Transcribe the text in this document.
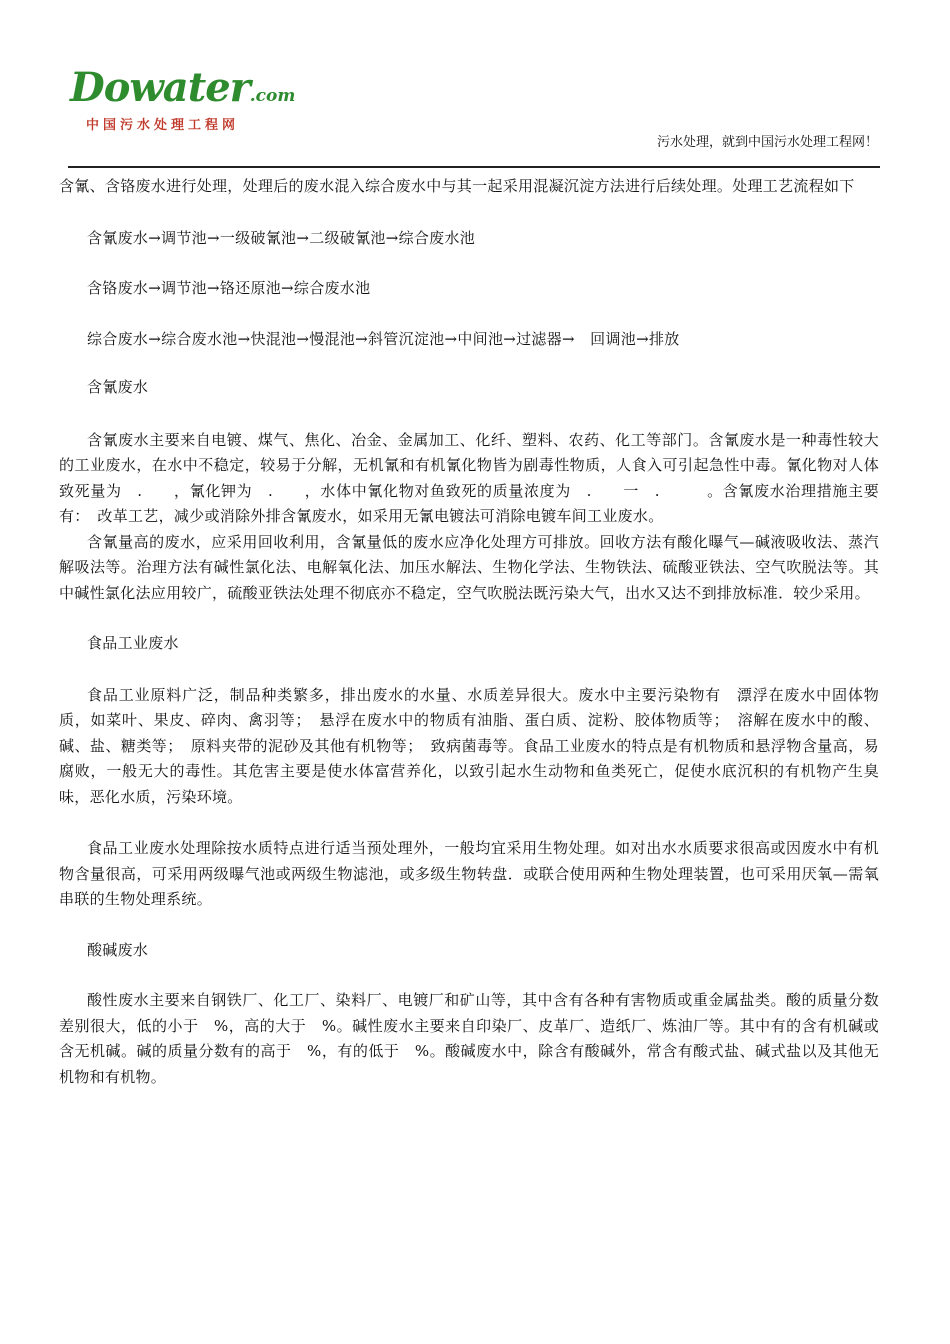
Dowater.com
中国污水处理工程网
污水处理，就到中国污水处理工程网！

含氰、含铬废水进行处理，处理后的废水混入综合废水中与其一起采用混凝沉淀方法进行后续处理。处理工艺流程如下

含氰废水→调节池→一级破氰池→二级破氰池→综合废水池

含铬废水→调节池→铬还原池→综合废水池

综合废水→综合废水池→快混池→慢混池→斜管沉淀池→中间池→过滤器→　回调池→排放

含氰废水

含氰废水主要来自电镀、煤气、焦化、冶金、金属加工、化纤、塑料、农药、化工等部门。含氰废水是一种毒性较大的工业废水，在水中不稳定，较易于分解，无机氰和有机氰化物皆为剧毒性物质，人食入可引起急性中毒。氰化物对人体致死量为　.　　，氰化钾为　.　　，水体中氰化物对鱼致死的质量浓度为　.　　一　.　　　。含氰废水治理措施主要有：　改革工艺，减少或消除外排含氰废水，如采用无氰电镀法可消除电镀车间工业废水。

含氰量高的废水，应采用回收利用，含氰量低的废水应净化处理方可排放。回收方法有酸化曝气—碱液吸收法、蒸汽解吸法等。治理方法有碱性氯化法、电解氧化法、加压水解法、生物化学法、生物铁法、硫酸亚铁法、空气吹脱法等。其中碱性氯化法应用较广，硫酸亚铁法处理不彻底亦不稳定，空气吹脱法既污染大气，出水又达不到排放标准．较少采用。

食品工业废水

食品工业原料广泛，制品种类繁多，排出废水的水量、水质差异很大。废水中主要污染物有　漂浮在废水中固体物质，如菜叶、果皮、碎肉、禽羽等；　悬浮在废水中的物质有油脂、蛋白质、淀粉、胶体物质等；　溶解在废水中的酸、碱、盐、糖类等；　原料夹带的泥砂及其他有机物等；　致病菌毒等。食品工业废水的特点是有机物质和悬浮物含量高，易腐败，一般无大的毒性。其危害主要是使水体富营养化，以致引起水生动物和鱼类死亡，促使水底沉积的有机物产生臭味，恶化水质，污染环境。

食品工业废水处理除按水质特点进行适当预处理外，一般均宜采用生物处理。如对出水水质要求很高或因废水中有机物含量很高，可采用两级曝气池或两级生物滤池，或多级生物转盘．或联合使用两种生物处理装置，也可采用厌氧—需氧串联的生物处理系统。

酸碱废水

酸性废水主要来自钢铁厂、化工厂、染料厂、电镀厂和矿山等，其中含有各种有害物质或重金属盐类。酸的质量分数差别很大，低的小于　%，高的大于　%。碱性废水主要来自印染厂、皮革厂、造纸厂、炼油厂等。其中有的含有机碱或含无机碱。碱的质量分数有的高于　%，有的低于　%。酸碱废水中，除含有酸碱外，常含有酸式盐、碱式盐以及其他无机物和有机物。
